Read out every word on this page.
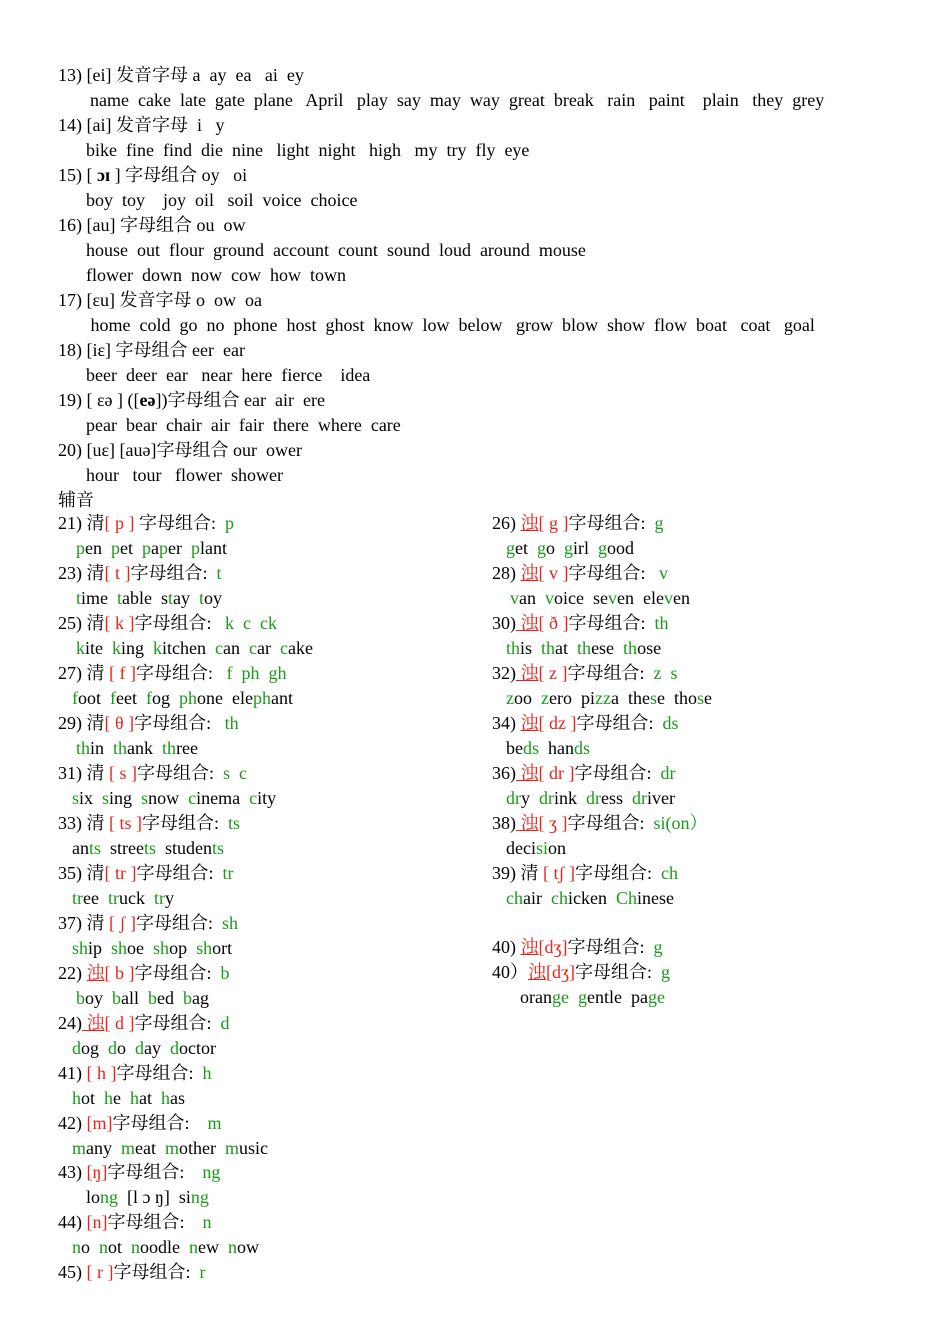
13) [ei] 发音字母 a  ay  ea   ai  ey
name  cake  late  gate  plane   April   play  say  may  way  great  break   rain   paint    plain   they  grey
14) [ai] 发音字母  i   y
bike  fine  find  die  nine   light  night   high   my  try  fly  eye
15) [ ɔɪ ] 字母组合 oy   oi
boy  toy    joy  oil   soil  voice  choice
16) [au] 字母组合 ou  ow
house  out  flour  ground  account  count  sound  loud  around  mouse
flower  down  now  cow  how  town
17) [ɛu] 发音字母 o  ow  oa
home  cold  go  no  phone  host  ghost  know  low  below   grow  blow  show  flow  boat   coat   goal
18) [iɛ] 字母组合 eer  ear
beer  deer  ear   near  here  fierce    idea
19) [ ɛə ] ([eə])字母组合 ear  air  ere
pear  bear  chair  air  fair  there  where  care
20) [uɛ] [auə]字母组合 our  ower
hour   tour   flower  shower
辅音
21) 清[ p ] 字母组合:  p
pen  pet  paper  plant
23) 清[ t ]字母组合:  t
time  table  stay  toy
25) 清[ k ]字母组合:   k  c  ck
kite  king  kitchen  can  car  cake
27) 清 [ f ]字母组合:   f  ph  gh
foot  feet  fog  phone  elephant
29) 清[ θ ]字母组合:   th
thin  thank  three
31) 清 [ s ]字母组合:  s  c
six  sing  snow  cinema  city
33) 清 [ ts ]字母组合:  ts
ants  streets  students
35) 清[ tr ]字母组合:  tr
tree  truck  try
37) 清 [ ʃ ]字母组合:  sh
ship  shoe  shop  short
22) 浊[ b ]字母组合:  b
boy  ball  bed  bag
24) 浊[ d ]字母组合:  d
dog  do  day  doctor
41) [ h ]字母组合:  h
hot  he  hat  has
42) [m]字母组合:    m
many  meat  mother  music
43) [ŋ]字母组合:    ng
long  [l ɔ ŋ]  sing
44) [n]字母组合:    n
no  not  noodle  new  now
45) [ r ]字母组合:  r
26) 浊[ g ]字母组合:  g
get  go  girl  good
28) 浊[ v ]字母组合:   v
van  voice  seven  eleven
30) 浊[ ð ]字母组合:  th
this  that  these  those
32) 浊[ z ]字母组合:  z  s
zoo  zero  pizza  these  those
34) 浊[ dz ]字母组合:  ds
beds  hands
36) 浊[ dr ]字母组合:  dr
dry  drink  dress  driver
38) 浊[ ʒ ]字母组合:  si(on）
decision
39) 清 [ tʃ ]字母组合:  ch
chair  chicken  Chinese
40) 浊[dʒ]字母组合:  g
40）浊[dʒ]字母组合:  g
orange gentle  page
